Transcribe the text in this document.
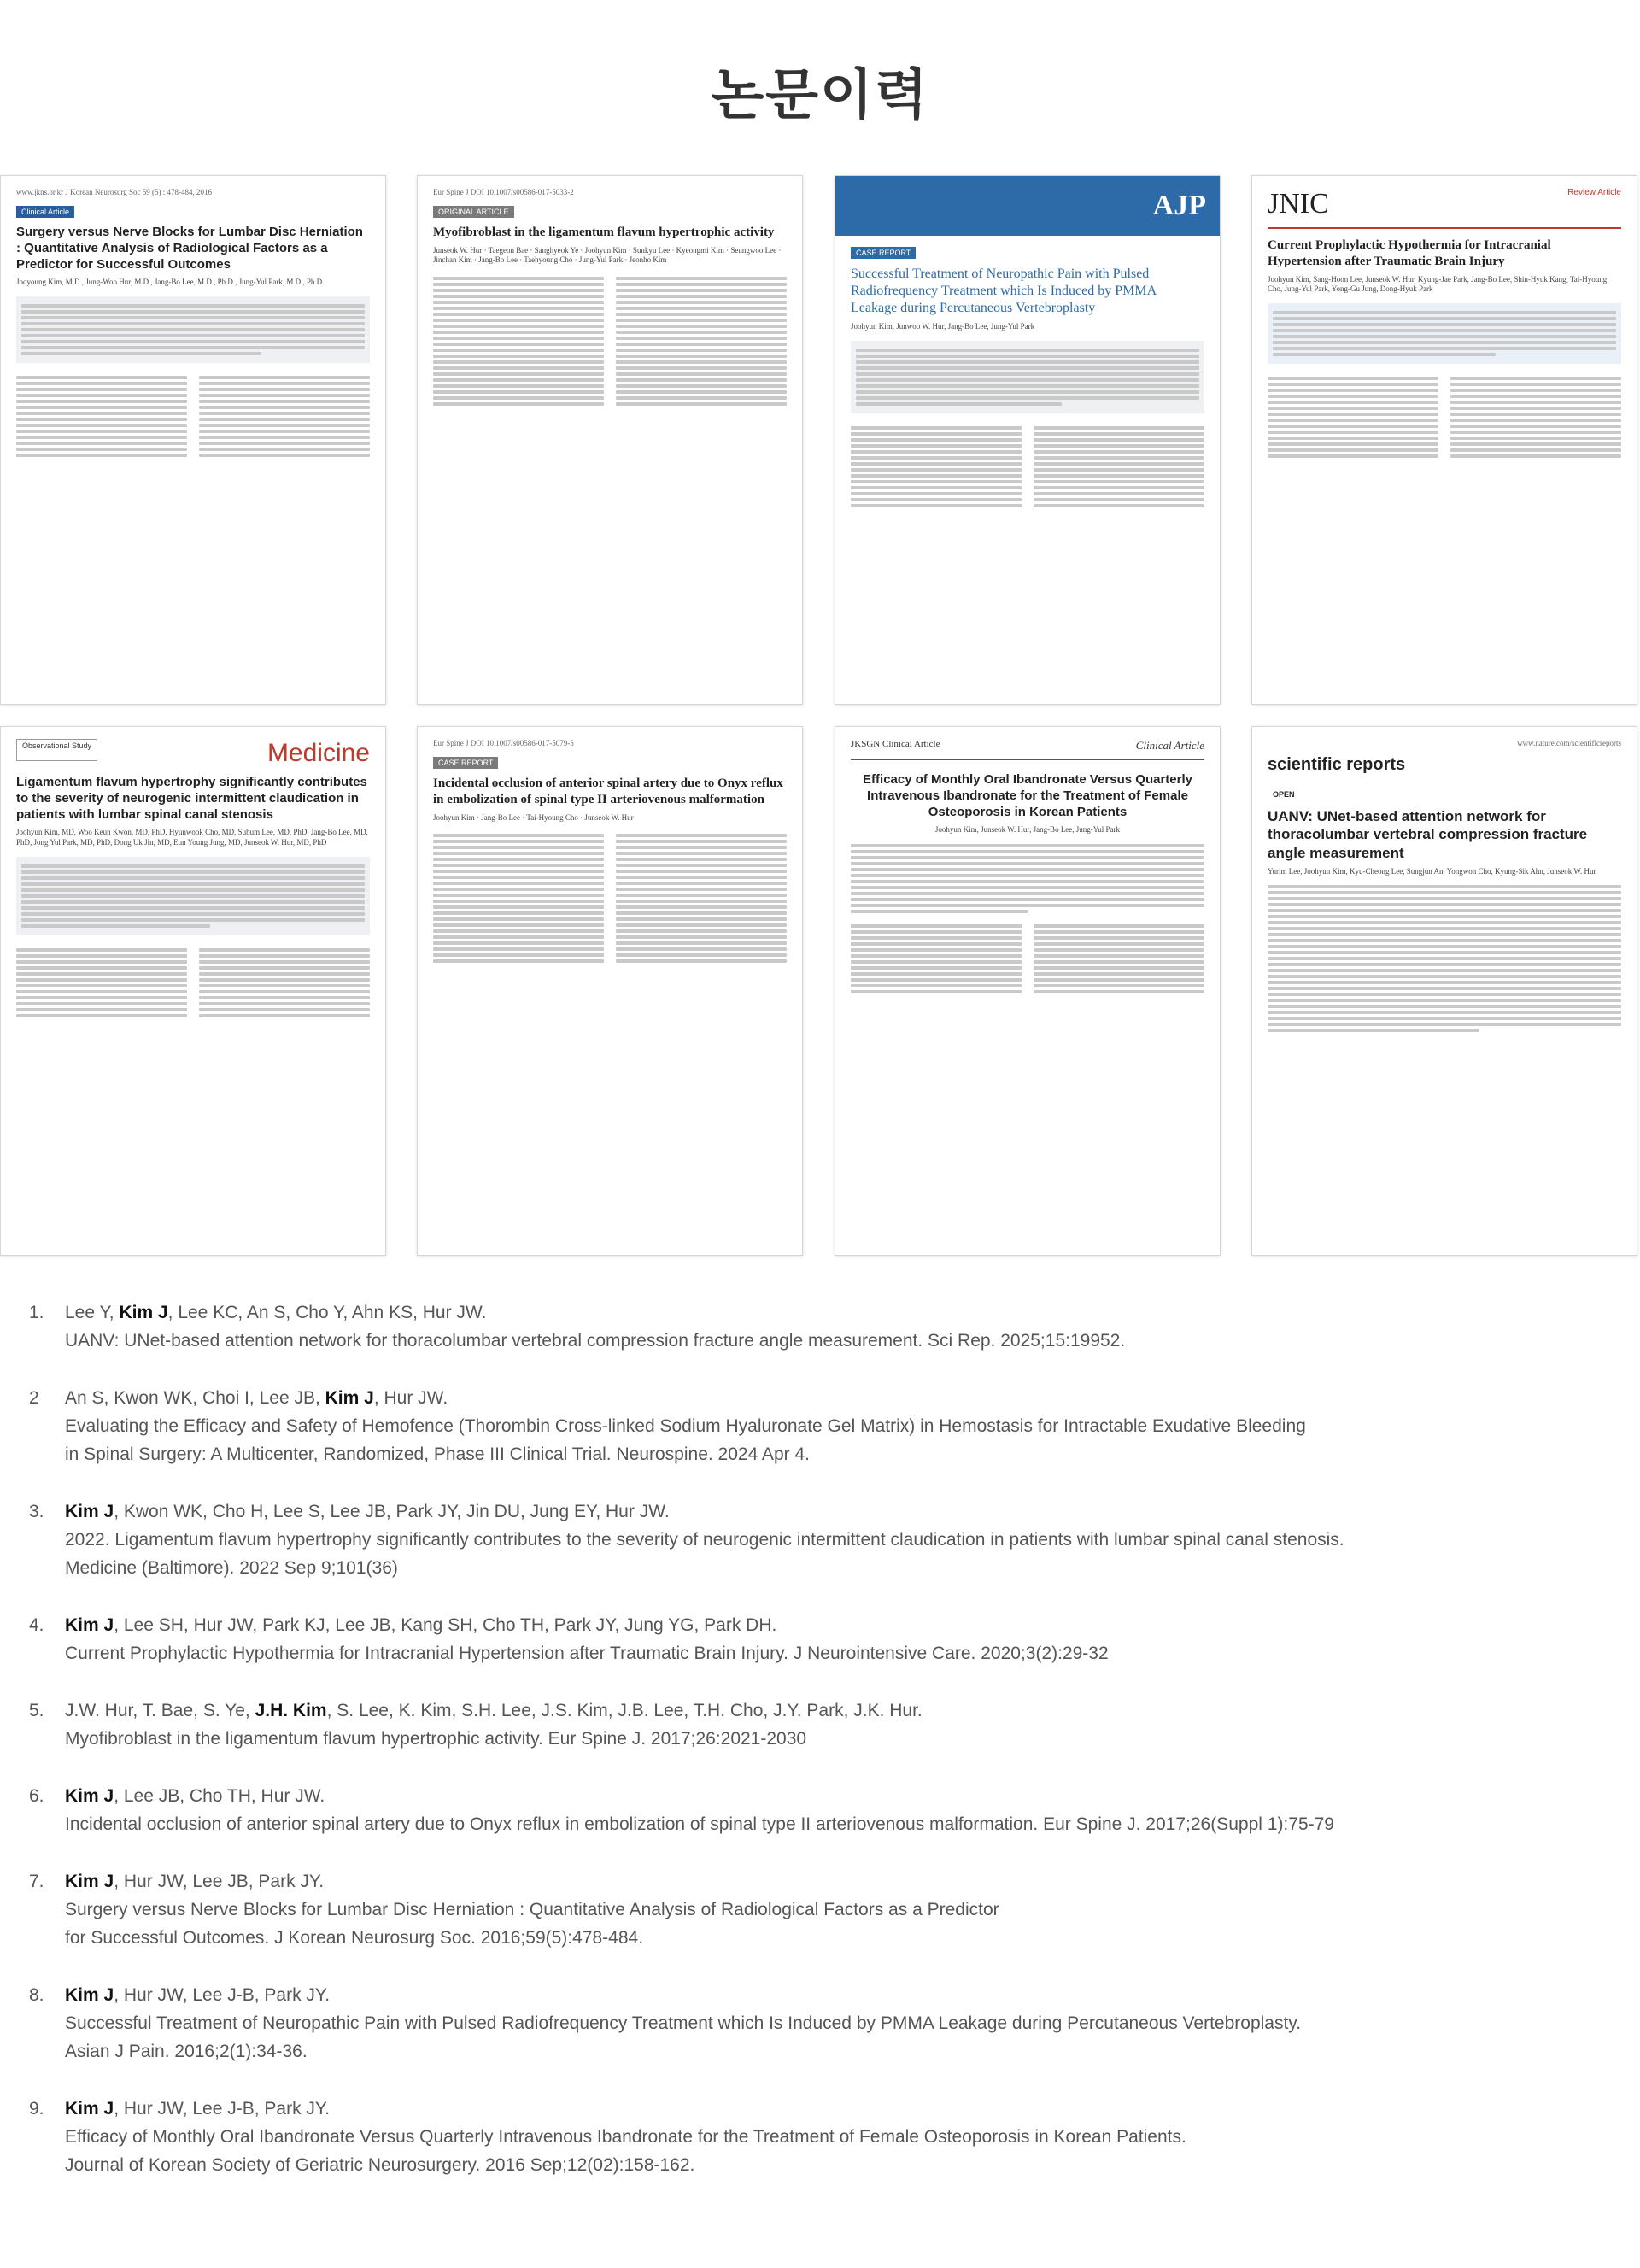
논문이력
www.jkns.or.kr J Korean Neurosurg Soc 59 (5) : 478-484, 2016
Clinical Article
Surgery versus Nerve Blocks for Lumbar Disc Herniation : Quantitative Analysis of Radiological Factors as a Predictor for Successful Outcomes
Jooyoung Kim, M.D., Jung-Woo Hur, M.D., Jang-Bo Lee, M.D., Ph.D., Jung-Yul Park, M.D., Ph.D.
Eur Spine J DOI 10.1007/s00586-017-5033-2
ORIGINAL ARTICLE
Myofibroblast in the ligamentum flavum hypertrophic activity
Junseok W. Hur · Taegeon Bae · Sanghyeok Ye · Joohyun Kim · Sunkyu Lee · Kyeongmi Kim · Seungwoo Lee · Jinchan Kim · Jang-Bo Lee · Taehyoung Cho · Jung-Yul Park · Jeonho Kim
AJP
CASE REPORT
Successful Treatment of Neuropathic Pain with Pulsed Radiofrequency Treatment which Is Induced by PMMA Leakage during Percutaneous Vertebroplasty
Joohyun Kim, Junwoo W. Hur, Jang-Bo Lee, Jung-Yul Park
JNIC	Review Article
Current Prophylactic Hypothermia for Intracranial Hypertension after Traumatic Brain Injury
Joohyun Kim, Sang-Hoon Lee, Junseok W. Hur, Kyung-Jae Park, Jang-Bo Lee, Shin-Hyuk Kang, Tai-Hyoung Cho, Jung-Yul Park, Yong-Gu Jung, Dong-Hyuk Park
Observational Study	Medicine
Ligamentum flavum hypertrophy significantly contributes to the severity of neurogenic intermittent claudication in patients with lumbar spinal canal stenosis
Joohyun Kim, MD, Woo Keun Kwon, MD, PhD, Hyunwook Cho, MD, Subum Lee, MD, PhD, Jang-Bo Lee, MD, PhD, Jong Yul Park, MD, PhD, Dong Uk Jin, MD, Eun Young Jung, MD, Junseok W. Hur, MD, PhD
Eur Spine J DOI 10.1007/s00586-017-5079-5
CASE REPORT
Incidental occlusion of anterior spinal artery due to Onyx reflux in embolization of spinal type II arteriovenous malformation
Joohyun Kim · Jang-Bo Lee · Tai-Hyoung Cho · Junseok W. Hur
JKSGN Clinical Article	Clinical Article
Efficacy of Monthly Oral Ibandronate Versus Quarterly Intravenous Ibandronate for the Treatment of Female Osteoporosis in Korean Patients
Joohyun Kim, Junseok W. Hur, Jang-Bo Lee, Jung-Yul Park
www.nature.com/scientificreports
scientific reports
OPEN
UANV: UNet-based attention network for thoracolumbar vertebral compression fracture angle measurement
Yurim Lee, Joohyun Kim, Kyu-Cheong Lee, Sungjun An, Yongwon Cho, Kyung-Sik Ahn, Junseok W. Hur
1.	Lee Y, Kim J, Lee KC, An S, Cho Y, Ahn KS, Hur JW.
UANV: UNet-based attention network for thoracolumbar vertebral compression fracture angle measurement. Sci Rep. 2025;15:19952.
2	An S, Kwon WK, Choi I, Lee JB, Kim J, Hur JW.
Evaluating the Efficacy and Safety of Hemofence (Thorombin Cross-linked Sodium Hyaluronate Gel Matrix) in Hemostasis for Intractable Exudative Bleeding
in Spinal Surgery: A Multicenter, Randomized, Phase III Clinical Trial. Neurospine. 2024 Apr 4.
3.	Kim J, Kwon WK, Cho H, Lee S, Lee JB, Park JY, Jin DU, Jung EY, Hur JW.
2022. Ligamentum flavum hypertrophy significantly contributes to the severity of neurogenic intermittent claudication in patients with lumbar spinal canal stenosis.
Medicine (Baltimore). 2022 Sep 9;101(36)
4.	Kim J, Lee SH, Hur JW, Park KJ, Lee JB, Kang SH, Cho TH, Park JY, Jung YG, Park DH.
Current Prophylactic Hypothermia for Intracranial Hypertension after Traumatic Brain Injury. J Neurointensive Care. 2020;3(2):29-32
5.	J.W. Hur, T. Bae, S. Ye, J.H. Kim, S. Lee, K. Kim, S.H. Lee, J.S. Kim, J.B. Lee, T.H. Cho, J.Y. Park, J.K. Hur.
Myofibroblast in the ligamentum flavum hypertrophic activity. Eur Spine J. 2017;26:2021-2030
6.	Kim J, Lee JB, Cho TH, Hur JW.
Incidental occlusion of anterior spinal artery due to Onyx reflux in embolization of spinal type II arteriovenous malformation. Eur Spine J. 2017;26(Suppl 1):75-79
7.	Kim J, Hur JW, Lee JB, Park JY.
Surgery versus Nerve Blocks for Lumbar Disc Herniation : Quantitative Analysis of Radiological Factors as a Predictor
for Successful Outcomes. J Korean Neurosurg Soc. 2016;59(5):478-484.
8.	Kim J, Hur JW, Lee J-B, Park JY.
Successful Treatment of Neuropathic Pain with Pulsed Radiofrequency Treatment which Is Induced by PMMA Leakage during Percutaneous Vertebroplasty.
Asian J Pain. 2016;2(1):34-36.
9.	Kim J, Hur JW, Lee J-B, Park JY.
Efficacy of Monthly Oral Ibandronate Versus Quarterly Intravenous Ibandronate for the Treatment of Female Osteoporosis in Korean Patients.
Journal of Korean Society of Geriatric Neurosurgery. 2016 Sep;12(02):158-162.
